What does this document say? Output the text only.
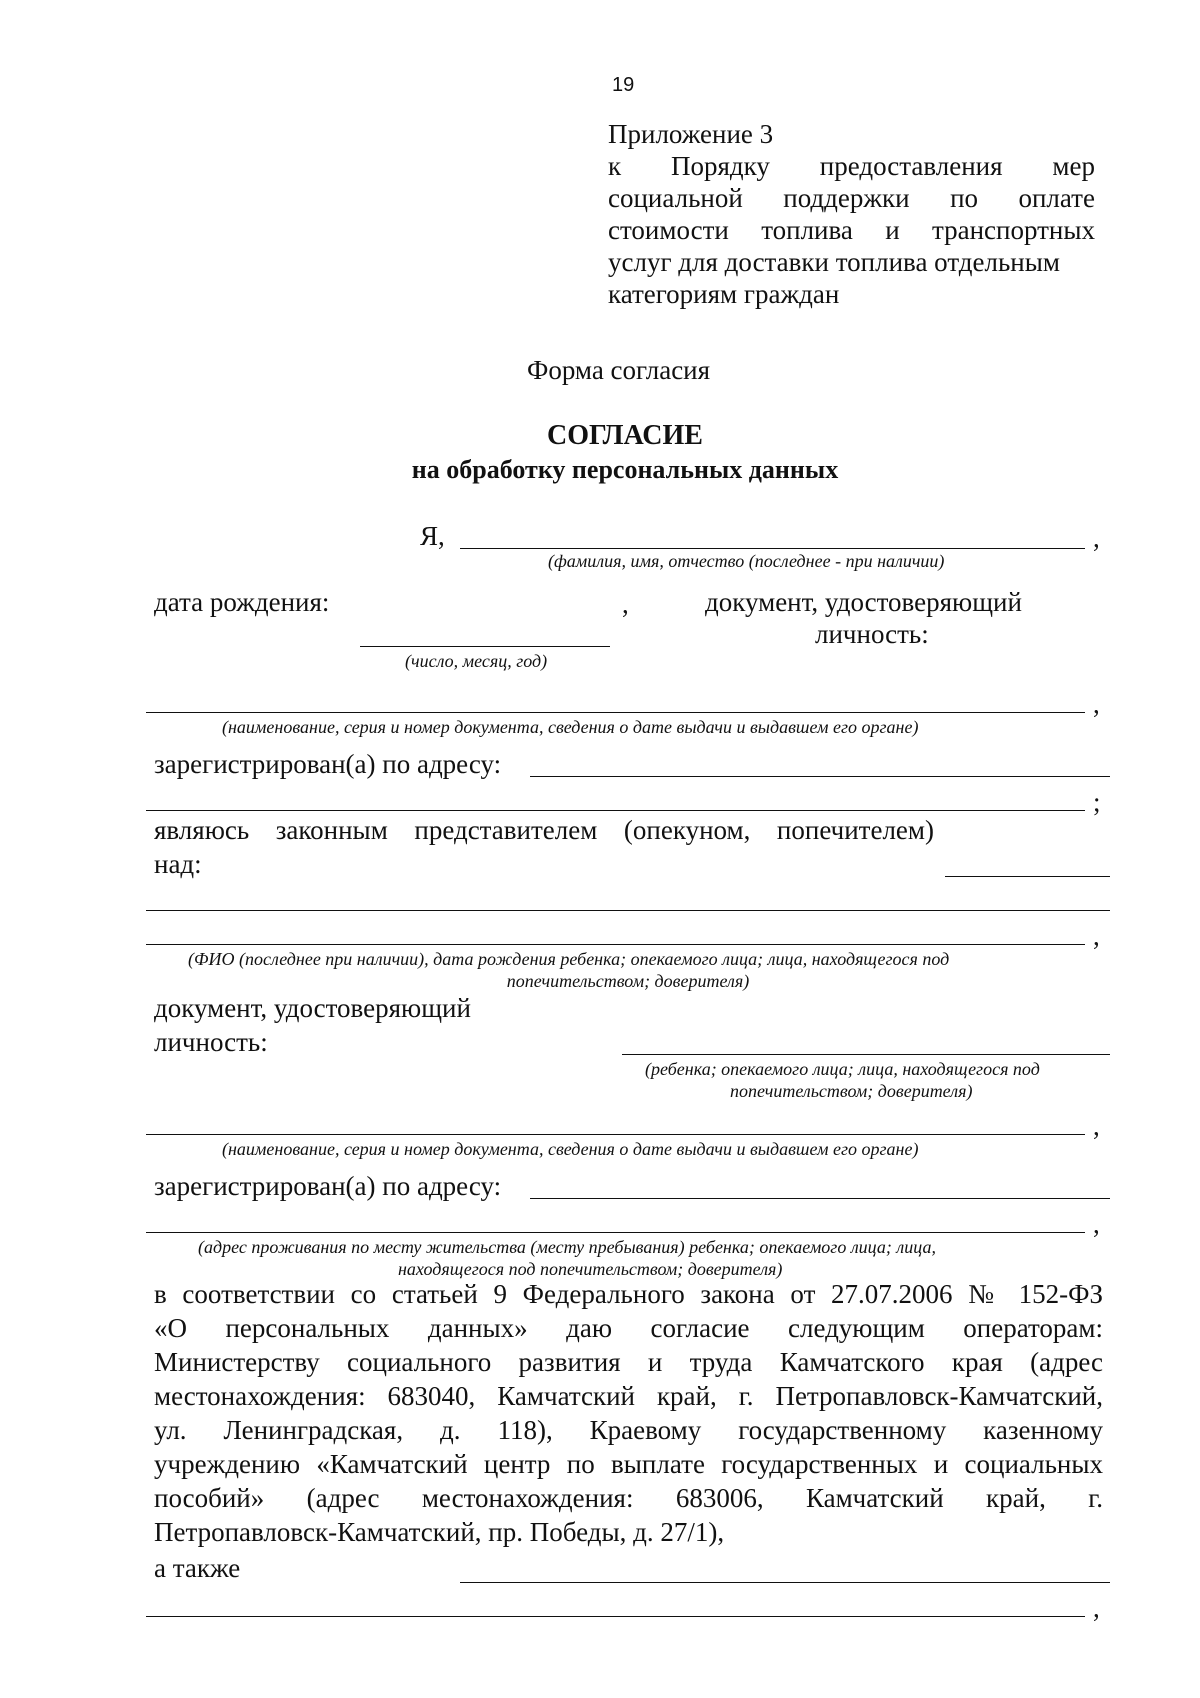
19
Приложение 3
к Порядку предоставления мер
социальной поддержки по оплате
стоимости топлива и транспортных
услуг для доставки топлива отдельным
категориям граждан
Форма согласия
СОГЛАСИЕ
на обработку персональных данных
Я,	,
(фамилия, имя, отчество (последнее - при наличии)
дата рождения:	,	документ, удостоверяющий
личность:
(число, месяц, год)
,
(наименование, серия и номер документа, сведения о дате выдачи и выдавшем его органе)
зарегистрирован(а) по адресу:
;
являюсь законным представителем (опекуном, попечителем)
над:
,
(ФИО (последнее при наличии), дата рождения ребенка; опекаемого лица; лица, находящегося под
попечительством; доверителя)
документ, удостоверяющий
личность:
(ребенка; опекаемого лица; лица, находящегося под
попечительством; доверителя)
,
(наименование, серия и номер документа, сведения о дате выдачи и выдавшем его органе)
зарегистрирован(а) по адресу:
,
(адрес проживания по месту жительства (месту пребывания) ребенка; опекаемого лица; лица,
находящегося под попечительством; доверителя)
в соответствии со статьей 9 Федерального закона от 27.07.2006 № 152-ФЗ
«О персональных данных» даю согласие следующим операторам:
Министерству социального развития и труда Камчатского края (адрес
местонахождения: 683040, Камчатский край, г. Петропавловск-Камчатский,
ул. Ленинградская, д. 118), Краевому государственному казенному
учреждению «Камчатский центр по выплате государственных и социальных
пособий» (адрес местонахождения: 683006, Камчатский край, г.
Петропавловск-Камчатский, пр. Победы, д. 27/1),
а также
,
